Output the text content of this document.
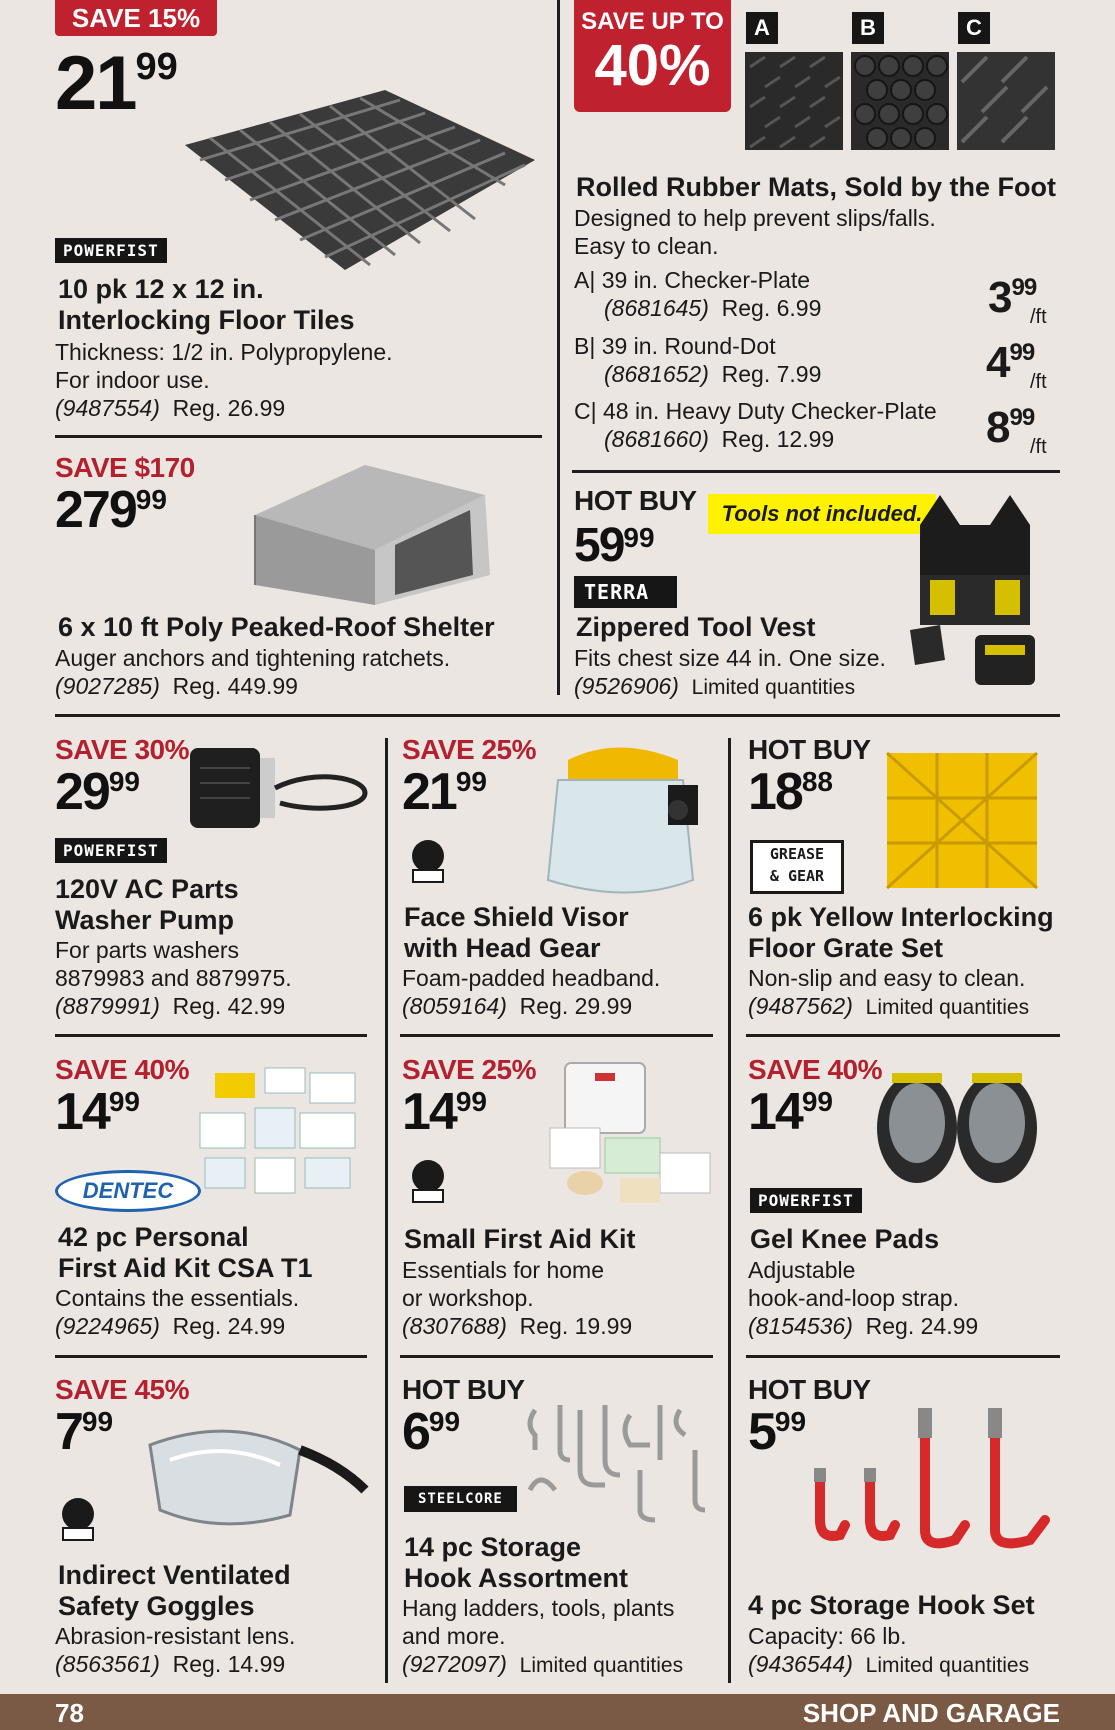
SAVE 15%
$21^{99}$
POWERFIST
10 pk 12 x 12 in.
Interlocking Floor Tiles
Thickness: 1/2 in. Polypropylene.
For indoor use.
(9487554) Reg. 26.99
SAVE UP TO
40%
A	B	C
Rolled Rubber Mats, Sold by the Foot
Designed to help prevent slips/falls.
Easy to clean.
A| 39 in. Checker-Plate
(8681645) Reg. 6.99	$3^{99}$
/ft
B| 39 in. Round-Dot
(8681652) Reg. 7.99	$4^{99}$
/ft
C| 48 in. Heavy Duty Checker-Plate
(8681660) Reg. 12.99	$8^{99}$
/ft
SAVE $170
$279^{99}$
6 x 10 ft Poly Peaked-Roof Shelter
Auger anchors and tightening ratchets.
(9027285) Reg. 449.99
HOT BUY
$59^{99}$
Tools not included.
TERRA
Zippered Tool Vest
Fits chest size 44 in. One size.
(9526906) Limited quantities
SAVE 30%
$29^{99}$
POWERFIST
120V AC Parts
Washer Pump
For parts washers
8879983 and 8879975.
(8879991) Reg. 42.99
SAVE 25%
$21^{99}$
Face Shield Visor
with Head Gear
Foam-padded headband.
(8059164) Reg. 29.99
HOT BUY
$18^{88}$
GREASE
& GEAR
6 pk Yellow Interlocking
Floor Grate Set
Non-slip and easy to clean.
(9487562) Limited quantities
SAVE 40%
$14^{99}$
DENTEC
42 pc Personal
First Aid Kit CSA T1
Contains the essentials.
(9224965) Reg. 24.99
SAVE 25%
$14^{99}$
Small First Aid Kit
Essentials for home
or workshop.
(8307688) Reg. 19.99
SAVE 40%
$14^{99}$
POWERFIST
Gel Knee Pads
Adjustable
hook-and-loop strap.
(8154536) Reg. 24.99
SAVE 45%
$7^{99}$
Indirect Ventilated
Safety Goggles
Abrasion-resistant lens.
(8563561) Reg. 14.99
HOT BUY
$6^{99}$
STEELCORE
14 pc Storage
Hook Assortment
Hang ladders, tools, plants
and more.
(9272097) Limited quantities
HOT BUY
$5^{99}$
4 pc Storage Hook Set
Capacity: 66 lb.
(9436544) Limited quantities
78	SHOP AND GARAGE
